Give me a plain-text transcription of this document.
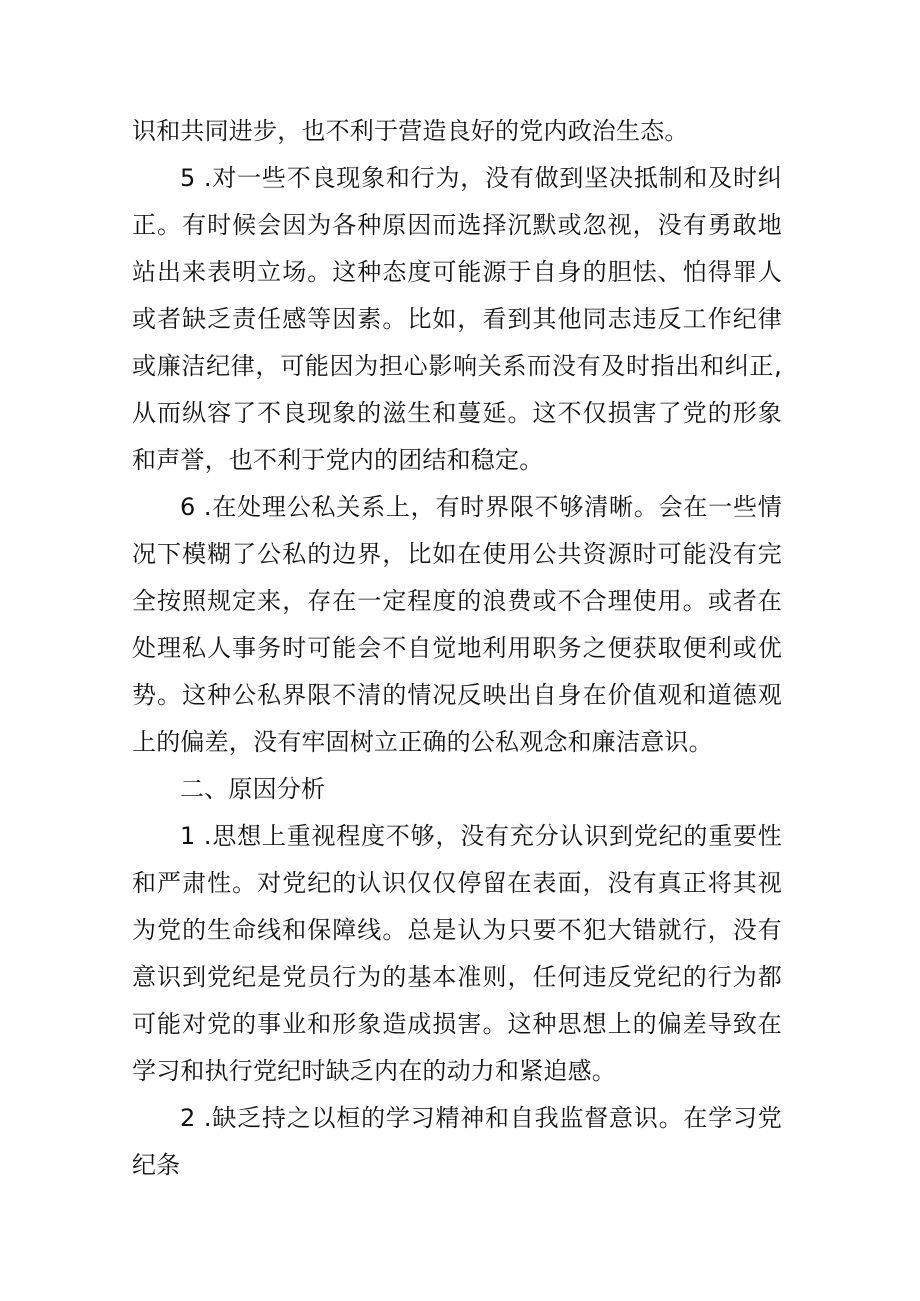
识和共同进步，也不利于营造良好的党内政治生态。

5 .对一些不良现象和行为，没有做到坚决抵制和及时纠正。有时候会因为各种原因而选择沉默或忽视，没有勇敢地站出来表明立场。这种态度可能源于自身的胆怯、怕得罪人或者缺乏责任感等因素。比如，看到其他同志违反工作纪律或廉洁纪律，可能因为担心影响关系而没有及时指出和纠正,从而纵容了不良现象的滋生和蔓延。这不仅损害了党的形象和声誉，也不利于党内的团结和稳定。

6 .在处理公私关系上，有时界限不够清晰。会在一些情况下模糊了公私的边界，比如在使用公共资源时可能没有完全按照规定来，存在一定程度的浪费或不合理使用。或者在处理私人事务时可能会不自觉地利用职务之便获取便利或优势。这种公私界限不清的情况反映出自身在价值观和道德观上的偏差，没有牢固树立正确的公私观念和廉洁意识。

二、原因分析

1 .思想上重视程度不够，没有充分认识到党纪的重要性和严肃性。对党纪的认识仅仅停留在表面，没有真正将其视为党的生命线和保障线。总是认为只要不犯大错就行，没有意识到党纪是党员行为的基本准则，任何违反党纪的行为都可能对党的事业和形象造成损害。这种思想上的偏差导致在学习和执行党纪时缺乏内在的动力和紧迫感。

2 .缺乏持之以桓的学习精神和自我监督意识。在学习党纪条
